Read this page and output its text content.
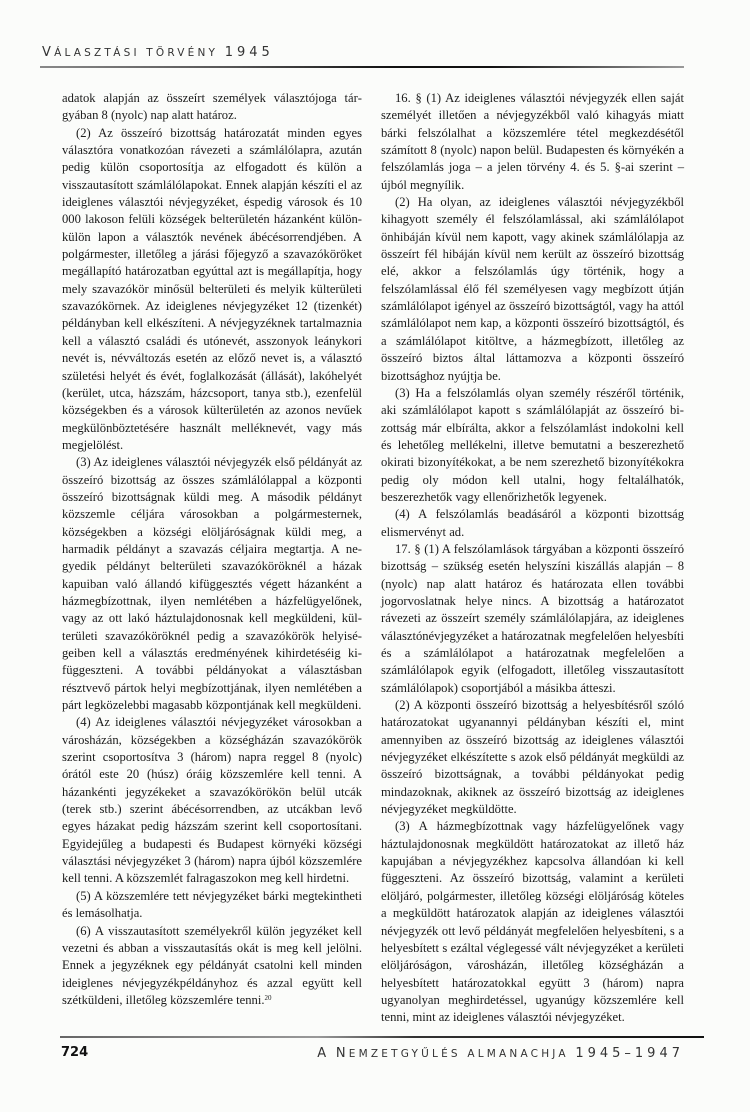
VÁLASZTÁSI TÖRVÉNY 1945

adatok alapján az összeírt személyek választójoga tárgyában 8 (nyolc) nap alatt határoz.

(2) Az összeíró bizottság határozatát minden egyes választóra vonatkozóan rávezeti a számlálólapra, azután pedig külön csoportosítja az elfogadott és külön a visszautasított számlálólapokat. Ennek alapján készíti el az ideiglenes választói névjegyzéket, éspedig városok és 10 000 lakoson felüli községek belterületén házanként külön-külön lapon a választók nevének ábécésorrendjében. A polgármester, illetőleg a járási főjegyző a szavazóköröket megállapító határozatban egyúttal azt is megállapítja, hogy mely szavazókör minősül belterületi és melyik külterületi szavazókörnek. Az ideiglenes névjegyzéket 12 (tizenkét) példányban kell elkészíteni. A névjegyzéknek tartalmaznia kell a választó családi és utónevét, asszonyok leánykori nevét is, névváltozás esetén az előző nevet is, a választó születési helyét és évét, foglalkozását (állását), lakóhelyét (kerület, utca, házszám, házcsoport, tanya stb.), ezenfelül községekben és a városok külterületén az azonos nevűek megkülönböztetésére használt melléknevét, vagy más megjelölést.

(3) Az ideiglenes választói névjegyzék első példányát az összeíró bizottság az összes számlálólappal a központi összeíró bizottságnak küldi meg. A második példányt közszemle céljára városokban a polgármesternek, községekben a községi elöljáróságnak küldi meg, a harmadik példányt a szavazás céljaira megtartja. A negyedik példányt belterületi szavazóköröknél a házak kapuiban való állandó kifüggesztés végett házanként a házmegbízottnak, ilyen nemlétében a házfelügyelőnek, vagy az ott lakó háztulajdonosnak kell megküldeni, külterületi szavazóköröknél pedig a szavazókörök helyiségeiben kell a választás eredményének kihirdetéséig kifüggeszteni. A további példányokat a választásban résztvevő pártok helyi megbízottjának, ilyen nemlétében a párt legközelebbi magasabb központjának kell megküldeni.

(4) Az ideiglenes választói névjegyzéket városokban a városházán, községekben a községházán szavazókörök szerint csoportosítva 3 (három) napra reggel 8 (nyolc) órától este 20 (húsz) óráig közszemlére kell tenni. A házankénti jegyzékeket a szavazókörökön belül utcák (terek stb.) szerint ábécésorrendben, az utcákban levő egyes házakat pedig házszám szerint kell csoportosítani. Egyidejűleg a budapesti és Budapest környéki községi választási névjegyzéket 3 (három) napra újból közszemlére kell tenni. A közszemlét falragaszokon meg kell hirdetni.

(5) A közszemlére tett névjegyzéket bárki megtekintheti és lemásolhatja.

(6) A visszautasított személyekről külön jegyzéket kell vezetni és abban a visszautasítás okát is meg kell jelölni. Ennek a jegyzéknek egy példányát csatolni kell minden ideiglenes névjegyzékpéldányhoz és azzal együtt kell szétküldeni, illetőleg közszemlére tenni.$^{20}$

16. § (1) Az ideiglenes választói névjegyzék ellen saját személyét illetően a névjegyzékből való kihagyás miatt bárki felszólalhat a közszemlére tétel megkezdésétől számított 8 (nyolc) napon belül. Budapesten és környékén a felszólamlás joga – a jelen törvény 4. és 5. §-ai szerint – újból megnyílik.

(2) Ha olyan, az ideiglenes választói névjegyzékből kihagyott személy él felszólamlással, aki számlálólapot önhibáján kívül nem kapott, vagy akinek számlálólapja az összeírt fél hibáján kívül nem került az összeíró bizottság elé, akkor a felszólamlás úgy történik, hogy a felszólamlással élő fél személyesen vagy megbízott útján számlálólapot igényel az összeíró bizottságtól, vagy ha attól számlálólapot nem kap, a központi összeíró bizottságtól, és a számlálólapot kitöltve, a házmegbízott, illetőleg az összeíró biztos által láttamozva a központi összeíró bizottsághoz nyújtja be.

(3) Ha a felszólamlás olyan személy részéről történik, aki számlálólapot kapott s számlálólapját az összeíró bizottság már elbírálta, akkor a felszólamlást indokolni kell és lehetőleg mellékelni, illetve bemutatni a beszerezhető okirati bizonyítékokat, a be nem szerezhető bizonyítékokra pedig oly módon kell utalni, hogy feltalálhatók, beszerezhetők vagy ellenőrizhetők legyenek.

(4) A felszólamlás beadásáról a központi bizottság elismervényt ad.

17. § (1) A felszólamlások tárgyában a központi összeíró bizottság – szükség esetén helyszíni kiszállás alapján – 8 (nyolc) nap alatt határoz és határozata ellen további jogorvoslatnak helye nincs. A bizottság a határozatot rávezeti az összeírt személy számlálólapjára, az ideiglenes választónévjegyzéket a határozatnak megfelelően helyesbíti és a számlálólapot a határozatnak megfelelően a számlálólapok egyik (elfogadott, illetőleg visszautasított számlálólapok) csoportjából a másikba átteszi.

(2) A központi összeíró bizottság a helyesbítésről szóló határozatokat ugyanannyi példányban készíti el, mint amennyiben az összeíró bizottság az ideiglenes választói névjegyzéket elkészítette s azok első példányát megküldi az összeíró bizottságnak, a további példányokat pedig mindazoknak, akiknek az összeíró bizottság az ideiglenes névjegyzéket megküldötte.

(3) A házmegbízottnak vagy házfelügyelőnek vagy háztulajdonosnak megküldött határozatokat az illető ház kapujában a névjegyzékhez kapcsolva állandóan ki kell függeszteni. Az összeíró bizottság, valamint a kerületi elöljáró, polgármester, illetőleg községi elöljáróság köteles a megküldött határozatok alapján az ideiglenes választói névjegyzék ott levő példányát megfelelően helyesbíteni, s a helyesbített s ezáltal véglegessé vált névjegyzéket a kerületi elöljáróságon, városházán, illetőleg községházán a helyesbített határozatokkal együtt 3 (három) napra ugyanolyan meghirdetéssel, ugyanúgy közszemlére kell tenni, mint az ideiglenes választói névjegyzéket.

724	A NEMZETGYŰLÉS ALMANACHJA 1945–1947
